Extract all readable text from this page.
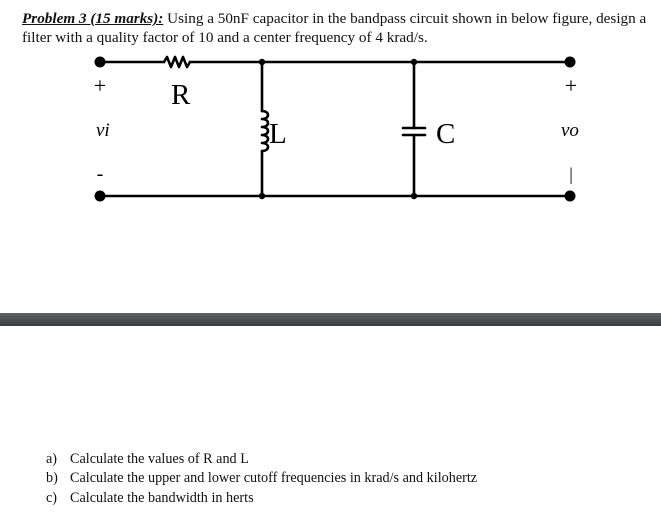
Problem 3 (15 marks): Using a 50nF capacitor in the bandpass circuit shown in below figure, design a filter with a quality factor of 10 and a center frequency of 4 krad/s.
R
L	C
+
vi
-
+
vo
|
a) Calculate the values of R and L
b) Calculate the upper and lower cutoff frequencies in krad/s and kilohertz
c) Calculate the bandwidth in herts
